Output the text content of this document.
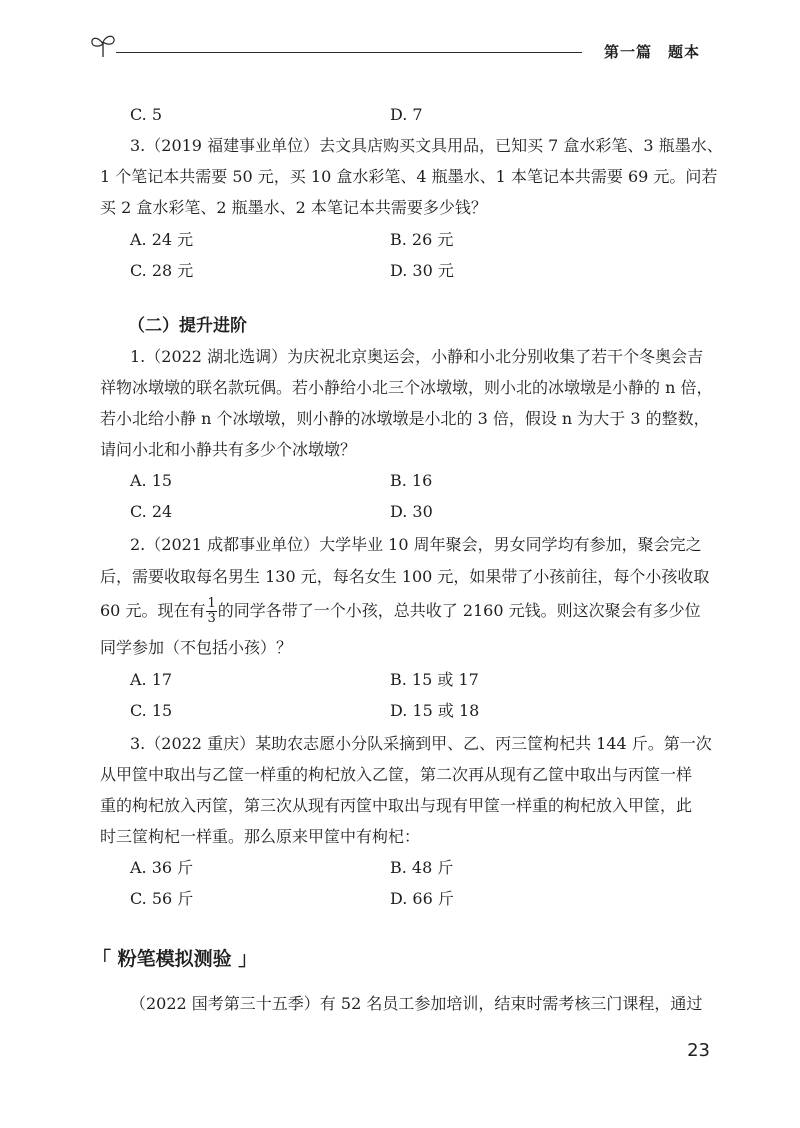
第一篇　题本
C. 5	D. 7
3.（2019 福建事业单位）去文具店购买文具用品，已知买 7 盒水彩笔、3 瓶墨水、
1 个笔记本共需要 50 元，买 10 盒水彩笔、4 瓶墨水、1 本笔记本共需要 69 元。问若
买 2 盒水彩笔、2 瓶墨水、2 本笔记本共需要多少钱？
A. 24 元	B. 26 元
C. 28 元	D. 30 元
（二）提升进阶
1.（2022 湖北选调）为庆祝北京奥运会，小静和小北分别收集了若干个冬奥会吉
祥物冰墩墩的联名款玩偶。若小静给小北三个冰墩墩，则小北的冰墩墩是小静的 n 倍，
若小北给小静 n 个冰墩墩，则小静的冰墩墩是小北的 3 倍，假设 n 为大于 3 的整数，
请问小北和小静共有多少个冰墩墩？
A. 15	B. 16
C. 24	D. 30
2.（2021 成都事业单位）大学毕业 10 周年聚会，男女同学均有参加，聚会完之
后，需要收取每名男生 130 元，每名女生 100 元，如果带了小孩前往，每个小孩收取
60 元。现在有 $\frac{1}{3}$ 的同学各带了一个小孩，总共收了 2160 元钱。则这次聚会有多少位
同学参加（不包括小孩）？
A. 17	B. 15 或 17
C. 15	D. 15 或 18
3.（2022 重庆）某助农志愿小分队采摘到甲、乙、丙三筐枸杞共 144 斤。第一次
从甲筐中取出与乙筐一样重的枸杞放入乙筐，第二次再从现有乙筐中取出与丙筐一样
重的枸杞放入丙筐，第三次从现有丙筐中取出与现有甲筐一样重的枸杞放入甲筐，此
时三筐枸杞一样重。那么原来甲筐中有枸杞：
A. 36 斤	B. 48 斤
C. 56 斤	D. 66 斤
「 粉笔模拟测验 」
（2022 国考第三十五季）有 52 名员工参加培训，结束时需考核三门课程，通过
23
